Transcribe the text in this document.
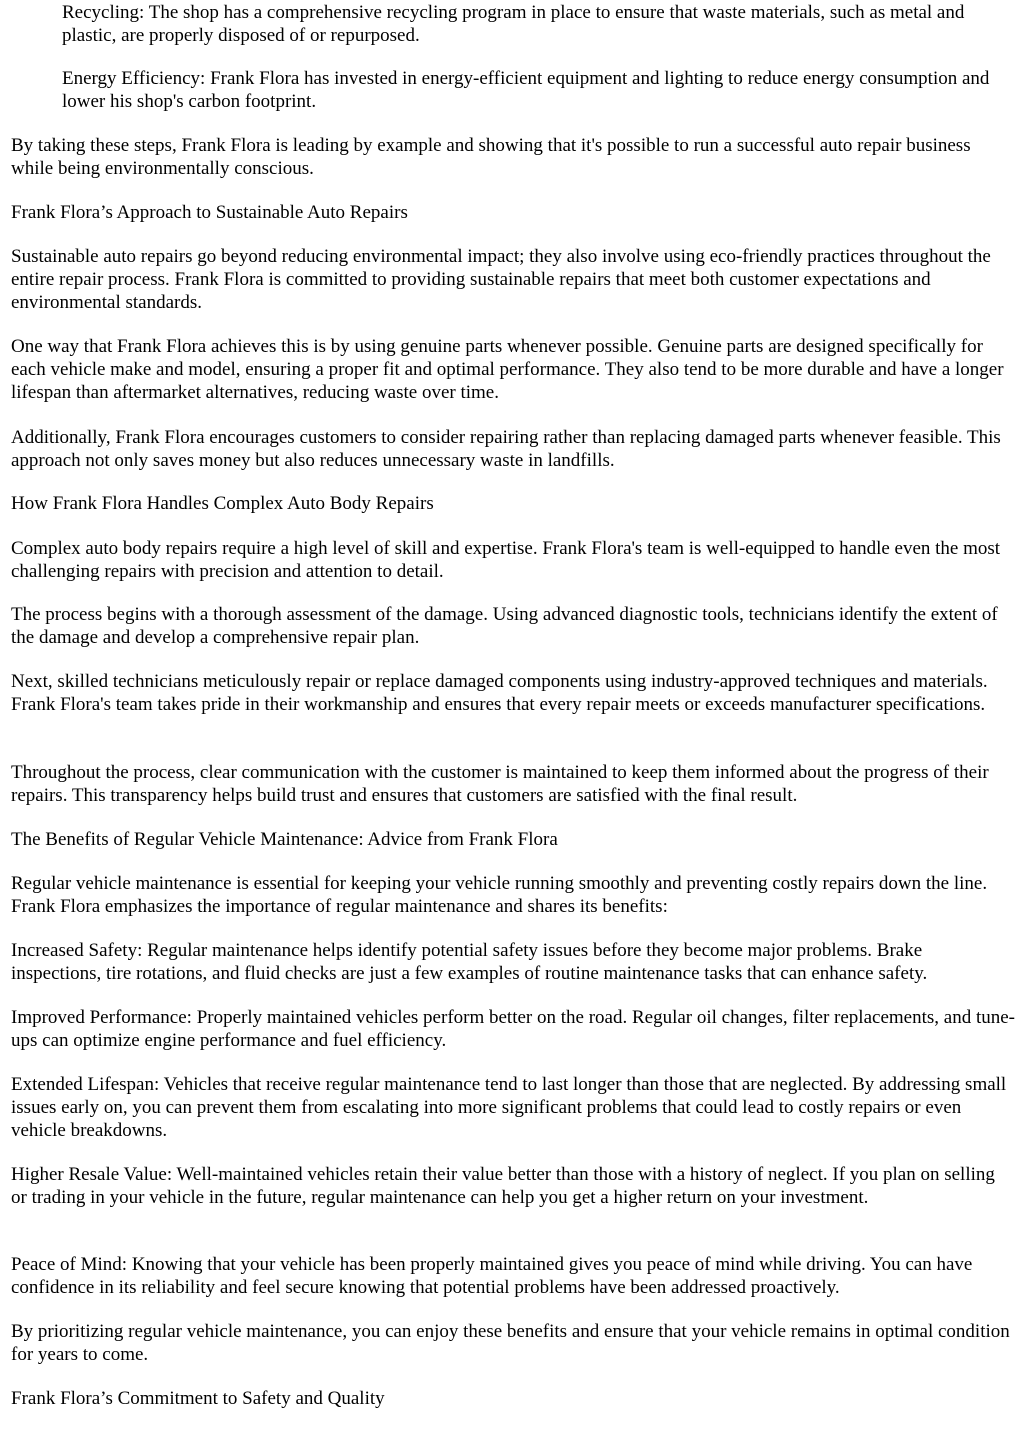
Recycling: The shop has a comprehensive recycling program in place to ensure that waste materials, such as metal and plastic, are properly disposed of or repurposed.

Energy Efficiency: Frank Flora has invested in energy-efficient equipment and lighting to reduce energy consumption and lower his shop's carbon footprint.

By taking these steps, Frank Flora is leading by example and showing that it's possible to run a successful auto repair business while being environmentally conscious.

Frank Flora’s Approach to Sustainable Auto Repairs

Sustainable auto repairs go beyond reducing environmental impact; they also involve using eco-friendly practices throughout the entire repair process. Frank Flora is committed to providing sustainable repairs that meet both customer expectations and environmental standards.

One way that Frank Flora achieves this is by using genuine parts whenever possible. Genuine parts are designed specifically for each vehicle make and model, ensuring a proper fit and optimal performance. They also tend to be more durable and have a longer lifespan than aftermarket alternatives, reducing waste over time.

Additionally, Frank Flora encourages customers to consider repairing rather than replacing damaged parts whenever feasible. This approach not only saves money but also reduces unnecessary waste in landfills.

How Frank Flora Handles Complex Auto Body Repairs

Complex auto body repairs require a high level of skill and expertise. Frank Flora's team is well-equipped to handle even the most challenging repairs with precision and attention to detail.

The process begins with a thorough assessment of the damage. Using advanced diagnostic tools, technicians identify the extent of the damage and develop a comprehensive repair plan.

Next, skilled technicians meticulously repair or replace damaged components using industry-approved techniques and materials. Frank Flora's team takes pride in their workmanship and ensures that every repair meets or exceeds manufacturer specifications.

Throughout the process, clear communication with the customer is maintained to keep them informed about the progress of their repairs. This transparency helps build trust and ensures that customers are satisfied with the final result.

The Benefits of Regular Vehicle Maintenance: Advice from Frank Flora

Regular vehicle maintenance is essential for keeping your vehicle running smoothly and preventing costly repairs down the line. Frank Flora emphasizes the importance of regular maintenance and shares its benefits:

Increased Safety: Regular maintenance helps identify potential safety issues before they become major problems. Brake inspections, tire rotations, and fluid checks are just a few examples of routine maintenance tasks that can enhance safety.

Improved Performance: Properly maintained vehicles perform better on the road. Regular oil changes, filter replacements, and tune-ups can optimize engine performance and fuel efficiency.

Extended Lifespan: Vehicles that receive regular maintenance tend to last longer than those that are neglected. By addressing small issues early on, you can prevent them from escalating into more significant problems that could lead to costly repairs or even vehicle breakdowns.

Higher Resale Value: Well-maintained vehicles retain their value better than those with a history of neglect. If you plan on selling or trading in your vehicle in the future, regular maintenance can help you get a higher return on your investment.

Peace of Mind: Knowing that your vehicle has been properly maintained gives you peace of mind while driving. You can have confidence in its reliability and feel secure knowing that potential problems have been addressed proactively.

By prioritizing regular vehicle maintenance, you can enjoy these benefits and ensure that your vehicle remains in optimal condition for years to come.

Frank Flora’s Commitment to Safety and Quality
